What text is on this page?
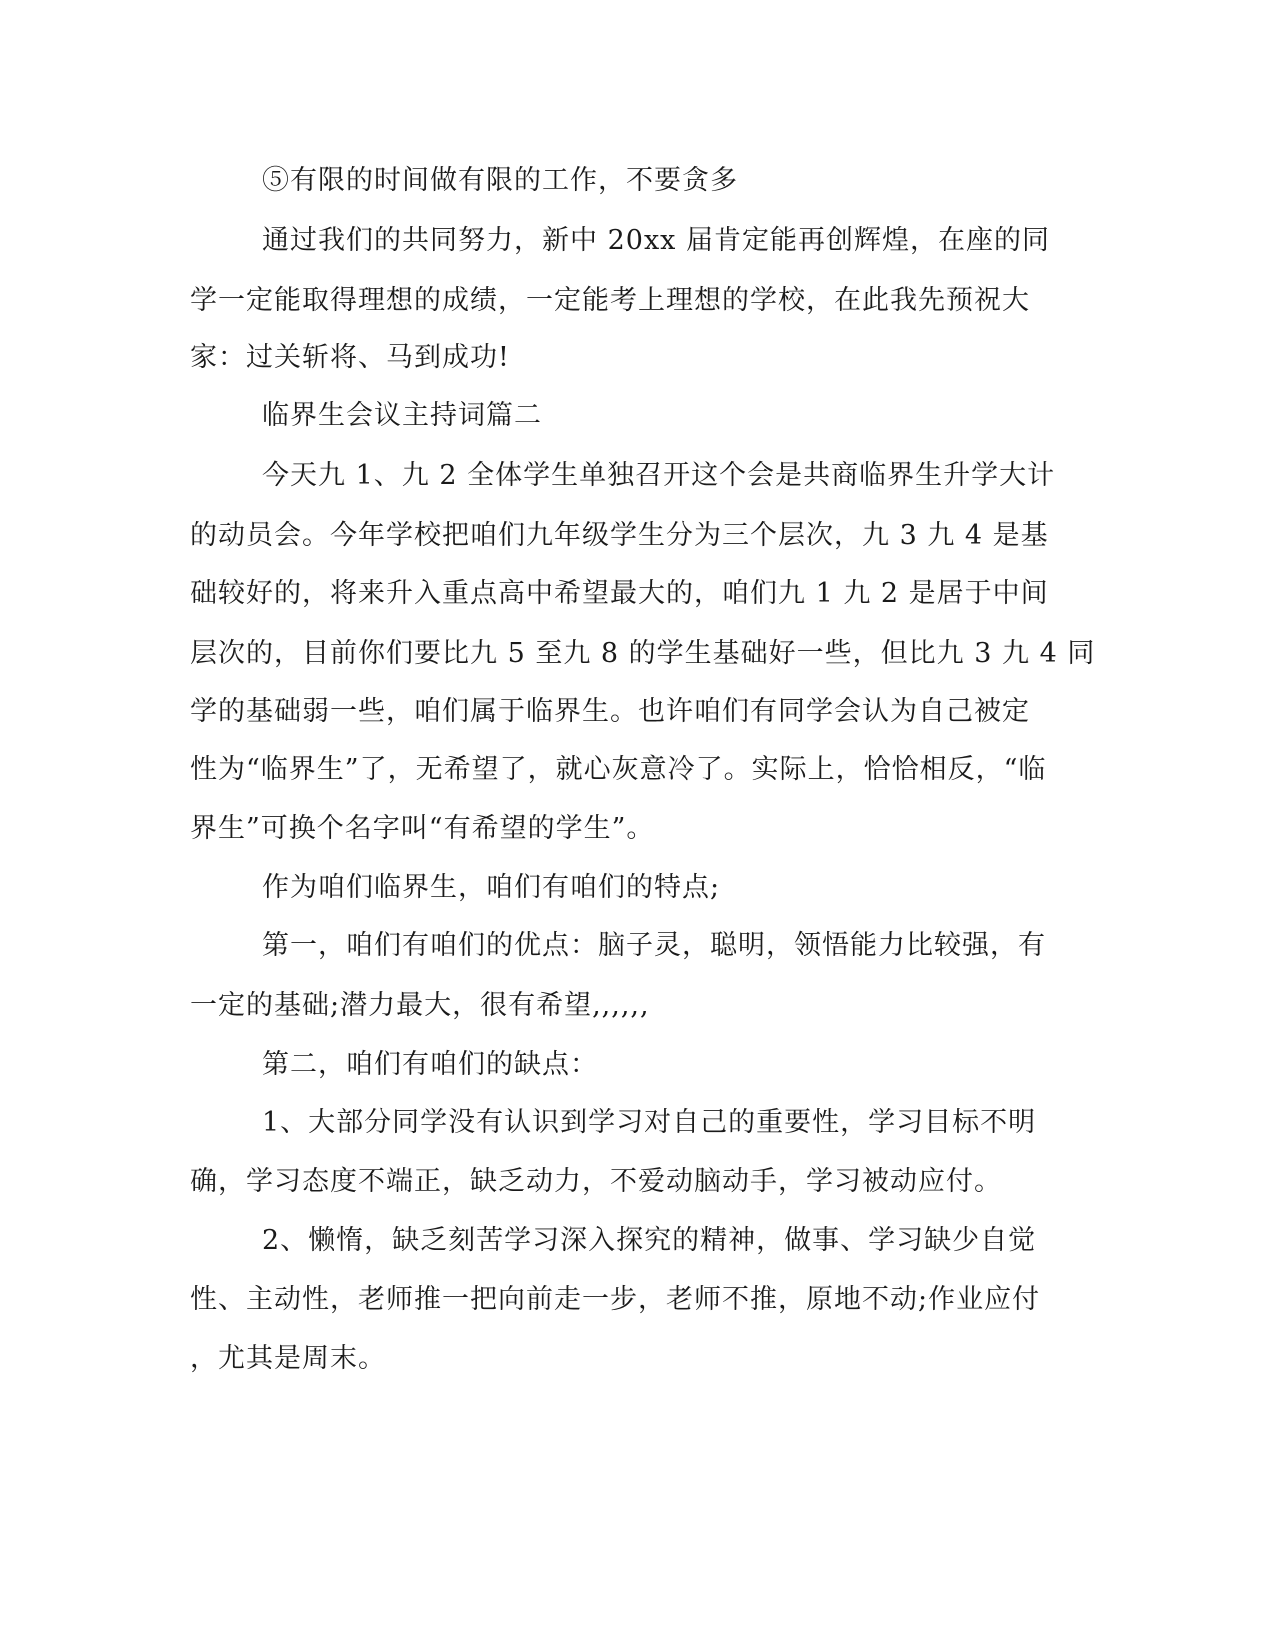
⑤有限的时间做有限的工作，不要贪多
通过我们的共同努力，新中 20xx 届肯定能再创辉煌，在座的同
学一定能取得理想的成绩，一定能考上理想的学校，在此我先预祝大
家：过关斩将、马到成功!
临界生会议主持词篇二
今天九 1、九 2 全体学生单独召开这个会是共商临界生升学大计
的动员会。今年学校把咱们九年级学生分为三个层次，九 3 九 4 是基
础较好的，将来升入重点高中希望最大的，咱们九 1 九 2 是居于中间
层次的，目前你们要比九 5 至九 8 的学生基础好一些，但比九 3 九 4 同
学的基础弱一些，咱们属于临界生。也许咱们有同学会认为自己被定
性为“临界生”了，无希望了，就心灰意冷了。实际上，恰恰相反，“临
界生”可换个名字叫“有希望的学生”。
作为咱们临界生，咱们有咱们的特点;
第一，咱们有咱们的优点：脑子灵，聪明，领悟能力比较强，有
一定的基础;潜力最大，很有希望,,,,,,
第二，咱们有咱们的缺点：
1、大部分同学没有认识到学习对自己的重要性，学习目标不明
确，学习态度不端正，缺乏动力，不爱动脑动手，学习被动应付。
2、懒惰，缺乏刻苦学习深入探究的精神，做事、学习缺少自觉
性、主动性，老师推一把向前走一步，老师不推，原地不动;作业应付
，尤其是周末。
